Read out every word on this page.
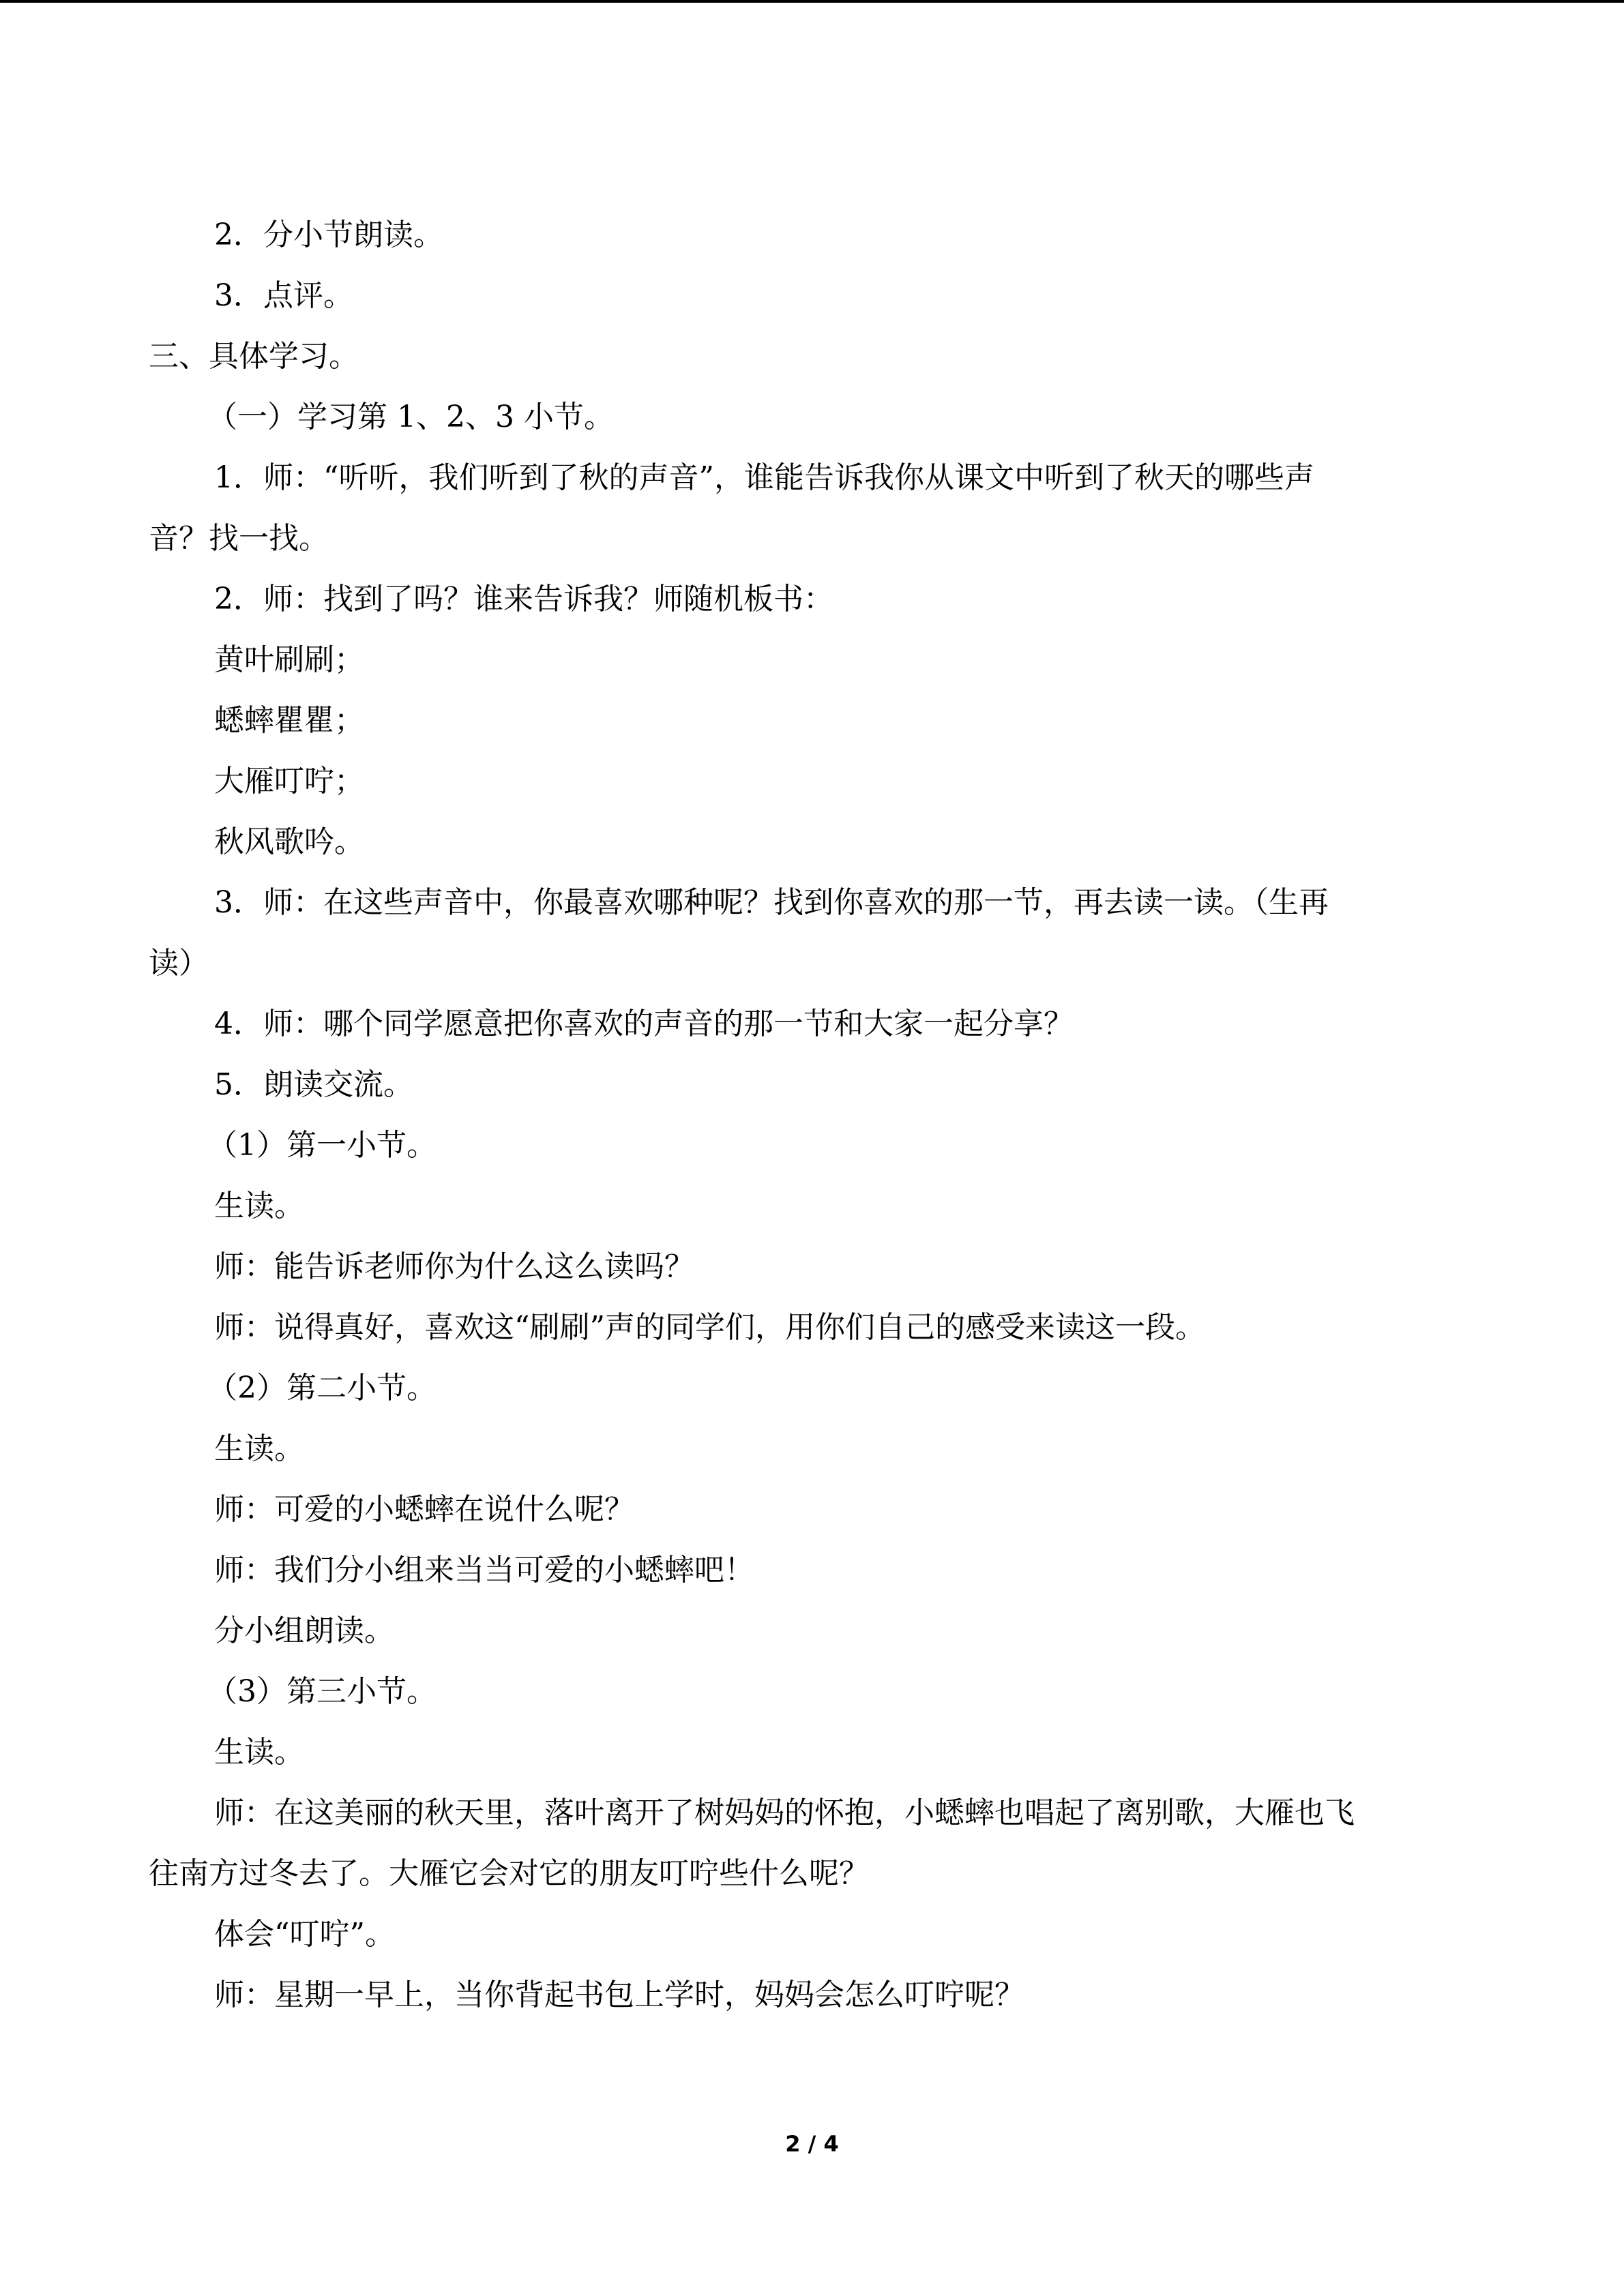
2．分小节朗读。
3．点评。
三、具体学习。
（一）学习第 1、2、3 小节。
1．师：“听听，我们听到了秋的声音”，谁能告诉我你从课文中听到了秋天的哪些声
音？找一找。
2．师：找到了吗？谁来告诉我？师随机板书：
黄叶刷刷；
蟋蟀瞿瞿；
大雁叮咛；
秋风歌吟。
3．师：在这些声音中，你最喜欢哪种呢？找到你喜欢的那一节，再去读一读。（生再
读）
4．师：哪个同学愿意把你喜欢的声音的那一节和大家一起分享？
5．朗读交流。
（1）第一小节。
生读。
师：能告诉老师你为什么这么读吗？
师：说得真好，喜欢这“刷刷”声的同学们，用你们自己的感受来读这一段。
（2）第二小节。
生读。
师：可爱的小蟋蟀在说什么呢？
师：我们分小组来当当可爱的小蟋蟀吧！
分小组朗读。
（3）第三小节。
生读。
师：在这美丽的秋天里，落叶离开了树妈妈的怀抱，小蟋蟀也唱起了离别歌，大雁也飞
往南方过冬去了。大雁它会对它的朋友叮咛些什么呢？
体会“叮咛”。
师：星期一早上，当你背起书包上学时，妈妈会怎么叮咛呢？
2 / 4
